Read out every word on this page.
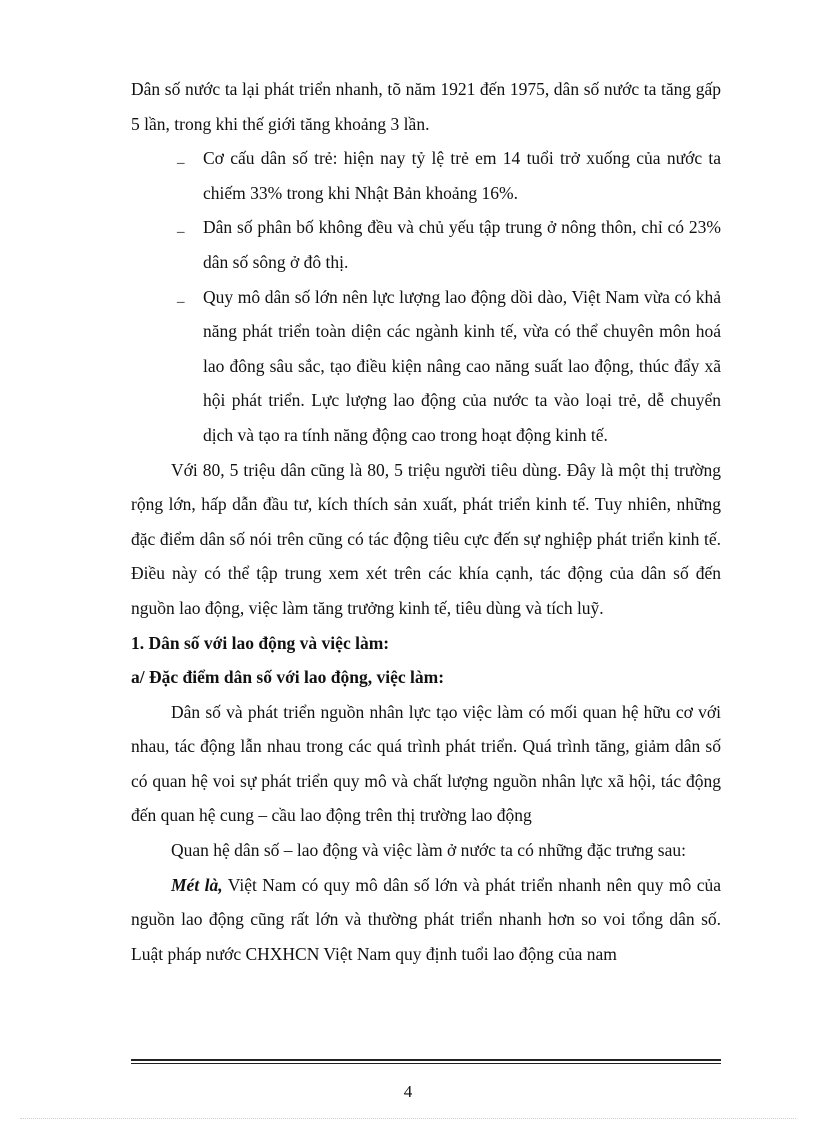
Dân số nước ta lại phát triển nhanh, tõ năm 1921 đến 1975, dân số nước ta tăng gấp 5 lần, trong khi thế giới tăng khoảng 3 lần.

_ Cơ cấu dân số trẻ: hiện nay tỷ lệ trẻ em 14 tuổi trở xuống của nước ta chiếm 33% trong khi Nhật Bản khoảng 16%.

_ Dân số phân bố không đều và chủ yếu tập trung ở nông thôn, chỉ có 23% dân số sông ở đô thị.

_ Quy mô dân số lớn nên lực lượng lao động dồi dào, Việt Nam vừa có khả năng phát triển toàn diện các ngành kinh tế, vừa có thể chuyên môn hoá lao đông sâu sắc, tạo điều kiện nâng cao năng suất lao động, thúc đẩy xã hội phát triển. Lực lượng lao động của nước ta vào loại trẻ, dễ chuyển dịch và tạo ra tính năng động cao trong hoạt động kinh tế.

Với 80, 5 triệu dân cũng là 80, 5 triệu người tiêu dùng. Đây là một thị trường rộng lớn, hấp dẫn đầu tư, kích thích sản xuất, phát triển kinh tế. Tuy nhiên, những đặc điểm dân số nói trên cũng có tác động tiêu cực đến sự nghiệp phát triển kinh tế. Điều này có thể tập trung xem xét trên các khía cạnh, tác động của dân số đến nguồn lao động, việc làm tăng trưởng kinh tế, tiêu dùng và tích luỹ.

1. Dân số với lao động và việc làm:

a/ Đặc điểm dân số với lao động, việc làm:

Dân số và phát triển nguồn nhân lực tạo việc làm có mối quan hệ hữu cơ với nhau, tác động lẫn nhau trong các quá trình phát triển. Quá trình tăng, giảm dân số có quan hệ voi sự phát triển quy mô và chất lượng nguồn nhân lực xã hội, tác động đến quan hệ cung – cầu lao động trên thị trường lao động

Quan hệ dân số – lao động và việc làm ở nước ta có những đặc trưng sau:

Mét là, Việt Nam có quy mô dân số lớn và phát triển nhanh nên quy mô của nguồn lao động cũng rất lớn và thường phát triển nhanh hơn so voi tổng dân số. Luật pháp nước CHXHCN Việt Nam quy định tuổi lao động của nam

4
